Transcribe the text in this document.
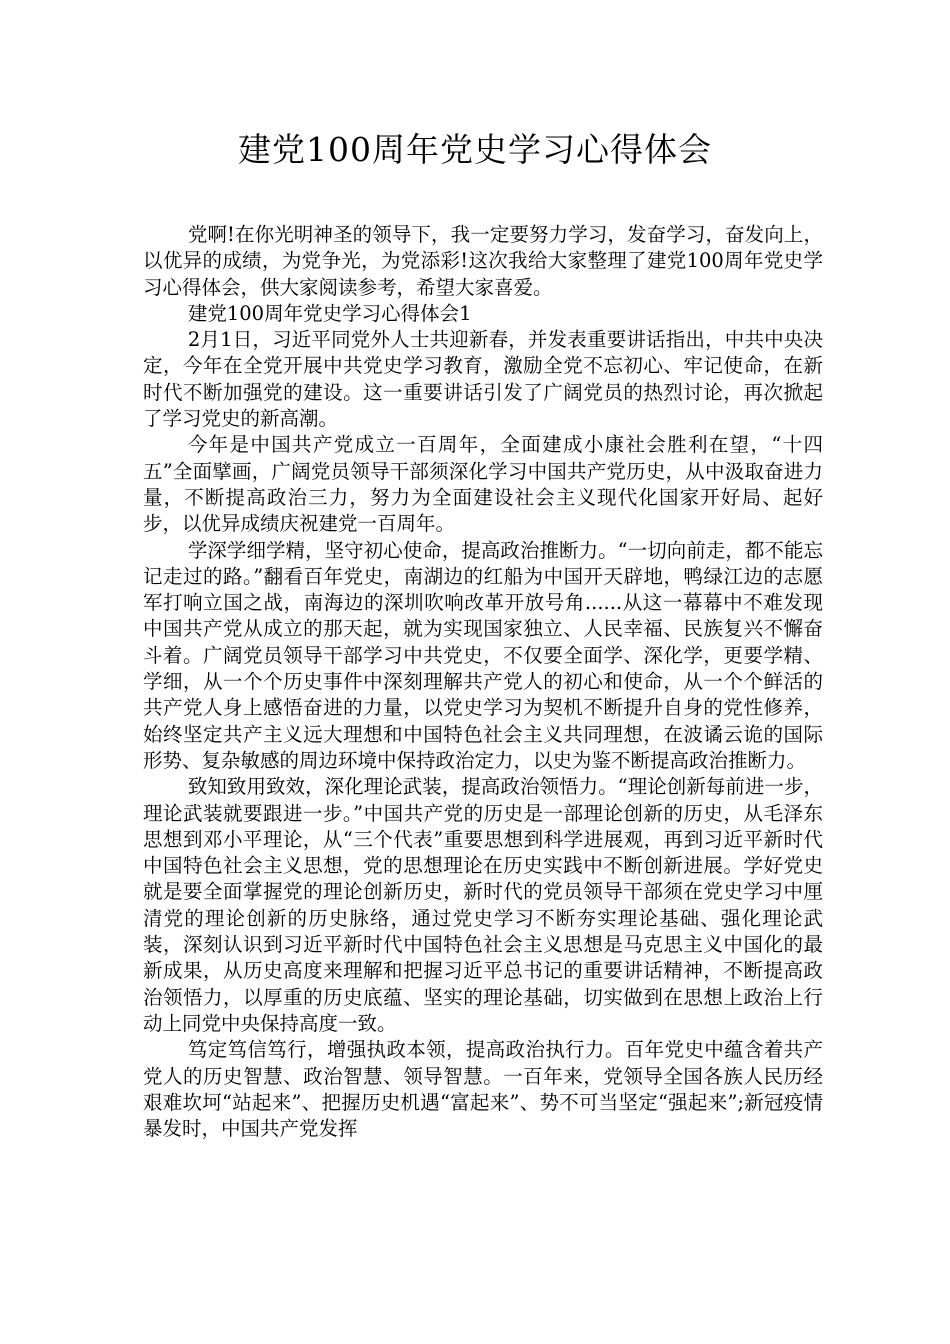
建党100周年党史学习心得体会

党啊!在你光明神圣的领导下，我一定要努力学习，发奋学习，奋发向上，以优异的成绩，为党争光，为党添彩!这次我给大家整理了建党100周年党史学习心得体会，供大家阅读参考，希望大家喜爱。

建党100周年党史学习心得体会1

2月1日，习近平同党外人士共迎新春，并发表重要讲话指出，中共中央决定，今年在全党开展中共党史学习教育，激励全党不忘初心、牢记使命，在新时代不断加强党的建设。这一重要讲话引发了广阔党员的热烈讨论，再次掀起了学习党史的新高潮。

今年是中国共产党成立一百周年，全面建成小康社会胜利在望，“十四五”全面擘画，广阔党员领导干部须深化学习中国共产党历史，从中汲取奋进力量，不断提高政治三力，努力为全面建设社会主义现代化国家开好局、起好步，以优异成绩庆祝建党一百周年。

学深学细学精，坚守初心使命，提高政治推断力。“一切向前走，都不能忘记走过的路。”翻看百年党史，南湖边的红船为中国开天辟地，鸭绿江边的志愿军打响立国之战，南海边的深圳吹响改革开放号角......从这一幕幕中不难发现中国共产党从成立的那天起，就为实现国家独立、人民幸福、民族复兴不懈奋斗着。广阔党员领导干部学习中共党史，不仅要全面学、深化学，更要学精、学细，从一个个历史事件中深刻理解共产党人的初心和使命，从一个个鲜活的共产党人身上感悟奋进的力量，以党史学习为契机不断提升自身的党性修养，始终坚定共产主义远大理想和中国特色社会主义共同理想，在波谲云诡的国际形势、复杂敏感的周边环境中保持政治定力，以史为鉴不断提高政治推断力。

致知致用致效，深化理论武装，提高政治领悟力。“理论创新每前进一步，理论武装就要跟进一步。”中国共产党的历史是一部理论创新的历史，从毛泽东思想到邓小平理论，从“三个代表”重要思想到科学进展观，再到习近平新时代中国特色社会主义思想，党的思想理论在历史实践中不断创新进展。学好党史就是要全面掌握党的理论创新历史，新时代的党员领导干部须在党史学习中厘清党的理论创新的历史脉络，通过党史学习不断夯实理论基础、强化理论武装，深刻认识到习近平新时代中国特色社会主义思想是马克思主义中国化的最新成果，从历史高度来理解和把握习近平总书记的重要讲话精神，不断提高政治领悟力，以厚重的历史底蕴、坚实的理论基础，切实做到在思想上政治上行动上同党中央保持高度一致。

笃定笃信笃行，增强执政本领，提高政治执行力。百年党史中蕴含着共产党人的历史智慧、政治智慧、领导智慧。一百年来，党领导全国各族人民历经艰难坎坷“站起来”、把握历史机遇“富起来”、势不可当坚定“强起来”;新冠疫情暴发时，中国共产党发挥
